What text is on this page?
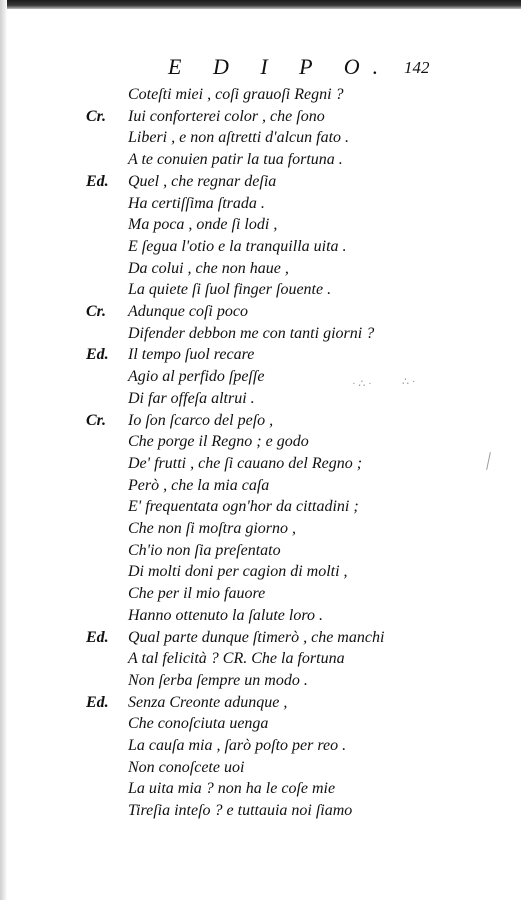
E D I P O. 142
Coteſti miei , coſi grauoſi Regni ?
Cr. Iui conforterei color , che ſono
Liberi , e non aſtretti d'alcun fato .
A te conuien patir la tua fortuna .
Ed. Quel , che regnar deſia
Ha certiſſima ſtrada .
Ma poca , onde ſi lodi ,
E ſegua l'otio e la tranquilla uita .
Da colui , che non haue ,
La quiete ſi ſuol finger ſouente .
Cr. Adunque coſi poco
Difender debbon me con tanti giorni ?
Ed. Il tempo ſuol recare
Agio al perfido ſpeſſe
Di far offeſa altrui .
Cr. Io ſon ſcarco del peſo ,
Che porge il Regno ; e godo
De' frutti , che ſi cauano del Regno ;
Però , che la mia caſa
E' frequentata ogn'hor da cittadini ;
Che non ſi moſtra giorno ,
Ch'io non ſia preſentato
Di molti doni per cagion di molti ,
Che per il mio fauore
Hanno ottenuto la ſalute loro .
Ed. Qual parte dunque ſtimerò , che manchi
A tal felicità ? CR. Che la fortuna
Non ſerba ſempre un modo .
Ed. Senza Creonte adunque ,
Che conoſciuta uenga
La cauſa mia , ſarò poſto per reo .
Non conoſcete uoi
La uita mia ? non ha le coſe mie
Tireſia inteſo ? e tuttauia noi ſiamo
· ∴ ·	∴ ·
